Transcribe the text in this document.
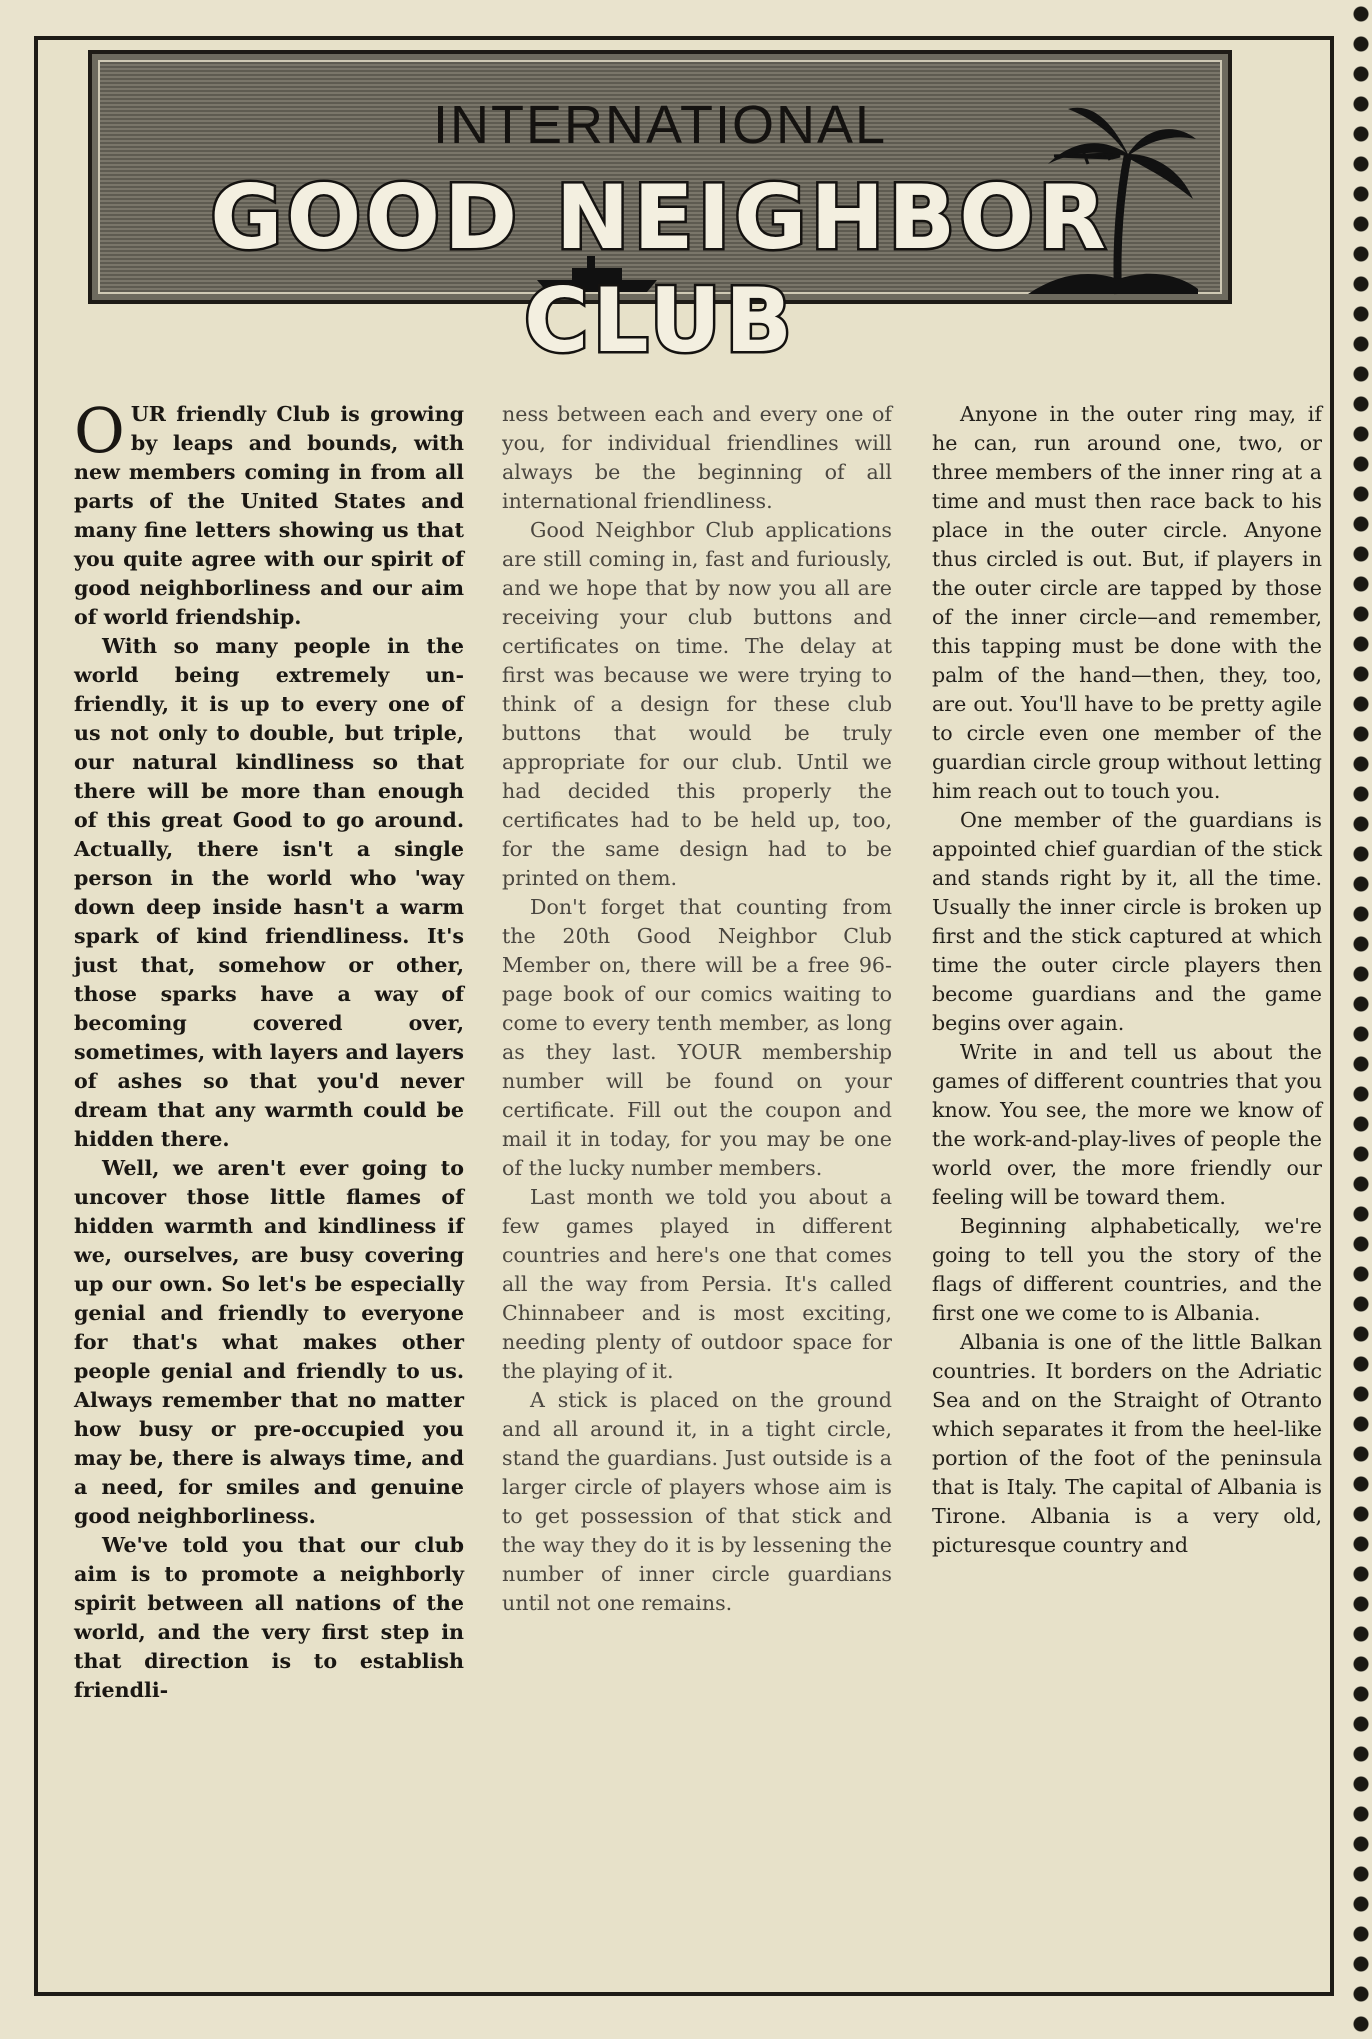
INTERNATIONAL
GOOD NEIGHBOR CLUB

OUR friendly Club is growing by leaps and bounds, with new members coming in from all parts of the United States and many fine letters showing us that you quite agree with our spirit of good neighborliness and our aim of world friendship.

With so many people in the world being extremely un-friendly, it is up to every one of us not only to double, but triple, our natural kindliness so that there will be more than enough of this great Good to go around. Actually, there isn't a single person in the world who 'way down deep inside hasn't a warm spark of kind friendliness. It's just that, somehow or other, those sparks have a way of becoming covered over, sometimes, with layers and layers of ashes so that you'd never dream that any warmth could be hidden there.

Well, we aren't ever going to uncover those little flames of hidden warmth and kindliness if we, ourselves, are busy covering up our own. So let's be especially genial and friendly to everyone for that's what makes other people genial and friendly to us. Always remember that no matter how busy or pre-occupied you may be, there is always time, and a need, for smiles and genuine good neighborliness.

We've told you that our club aim is to promote a neighborly spirit between all nations of the world, and the very first step in that direction is to establish friendli-

ness between each and every one of you, for individual friendlines will always be the beginning of all international friendliness.

Good Neighbor Club applications are still coming in, fast and furiously, and we hope that by now you all are receiving your club buttons and certificates on time. The delay at first was because we were trying to think of a design for these club buttons that would be truly appropriate for our club. Until we had decided this properly the certificates had to be held up, too, for the same design had to be printed on them.

Don't forget that counting from the 20th Good Neighbor Club Member on, there will be a free 96-page book of our comics waiting to come to every tenth member, as long as they last. YOUR membership number will be found on your certificate. Fill out the coupon and mail it in today, for you may be one of the lucky number members.

Last month we told you about a few games played in different countries and here's one that comes all the way from Persia. It's called Chinnabeer and is most exciting, needing plenty of outdoor space for the playing of it.

A stick is placed on the ground and all around it, in a tight circle, stand the guardians. Just outside is a larger circle of players whose aim is to get possession of that stick and the way they do it is by lessening the number of inner circle guardians until not one remains.

Anyone in the outer ring may, if he can, run around one, two, or three members of the inner ring at a time and must then race back to his place in the outer circle. Anyone thus circled is out. But, if players in the outer circle are tapped by those of the inner circle—and remember, this tapping must be done with the palm of the hand—then, they, too, are out. You'll have to be pretty agile to circle even one member of the guardian circle group without letting him reach out to touch you.

One member of the guardians is appointed chief guardian of the stick and stands right by it, all the time. Usually the inner circle is broken up first and the stick captured at which time the outer circle players then become guardians and the game begins over again.

Write in and tell us about the games of different countries that you know. You see, the more we know of the work-and-play-lives of people the world over, the more friendly our feeling will be toward them.

Beginning alphabetically, we're going to tell you the story of the flags of different countries, and the first one we come to is Albania.

Albania is one of the little Balkan countries. It borders on the Adriatic Sea and on the Straight of Otranto which separates it from the heel-like portion of the foot of the peninsula that is Italy. The capital of Albania is Tirone. Albania is a very old, picturesque country and
